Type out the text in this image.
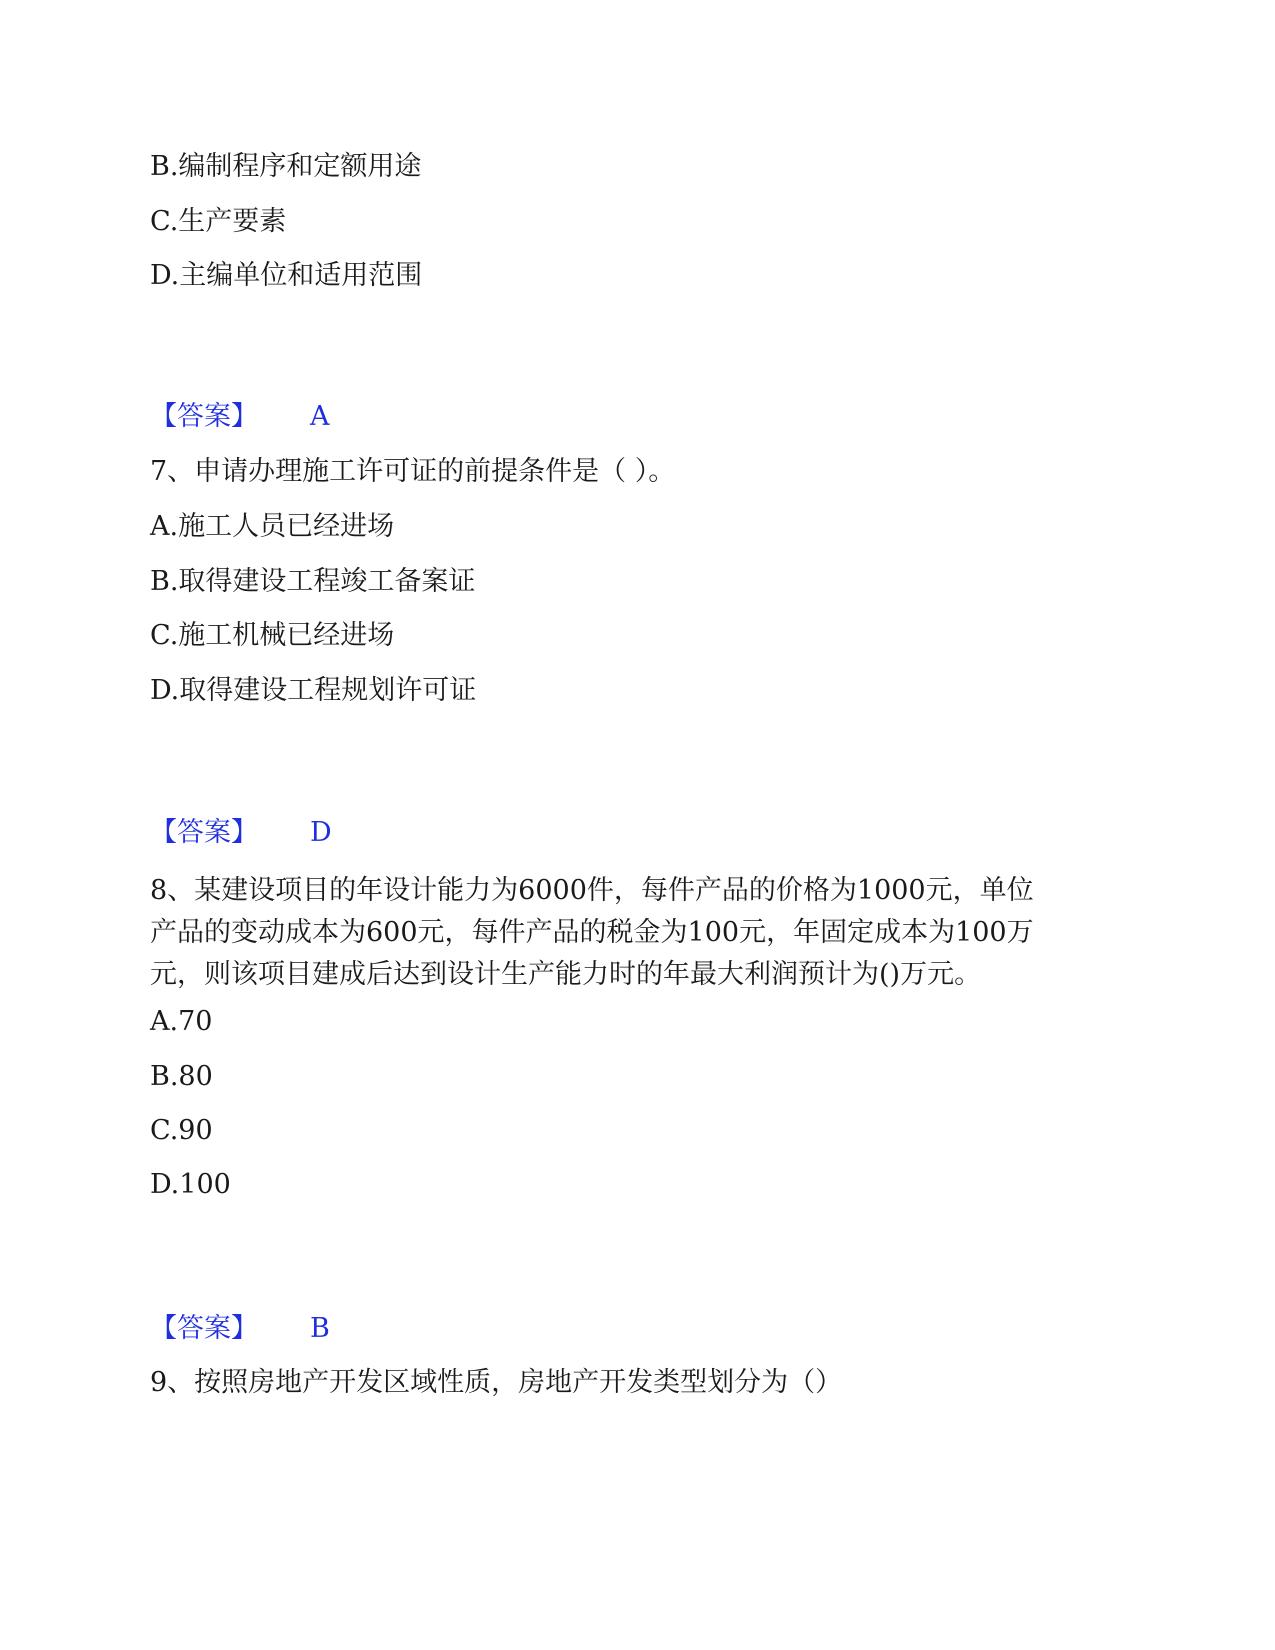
B.编制程序和定额用途
C.生产要素
D.主编单位和适用范围
【答案】 A
7、申请办理施工许可证的前提条件是（ ）。
A.施工人员已经进场
B.取得建设工程竣工备案证
C.施工机械已经进场
D.取得建设工程规划许可证
【答案】 D
8、某建设项目的年设计能力为6000件，每件产品的价格为1000元，单位
产品的变动成本为600元，每件产品的税金为100元，年固定成本为100万
元，则该项目建成后达到设计生产能力时的年最大利润预计为()万元。
A.70
B.80
C.90
D.100
【答案】 B
9、按照房地产开发区域性质，房地产开发类型划分为（）
